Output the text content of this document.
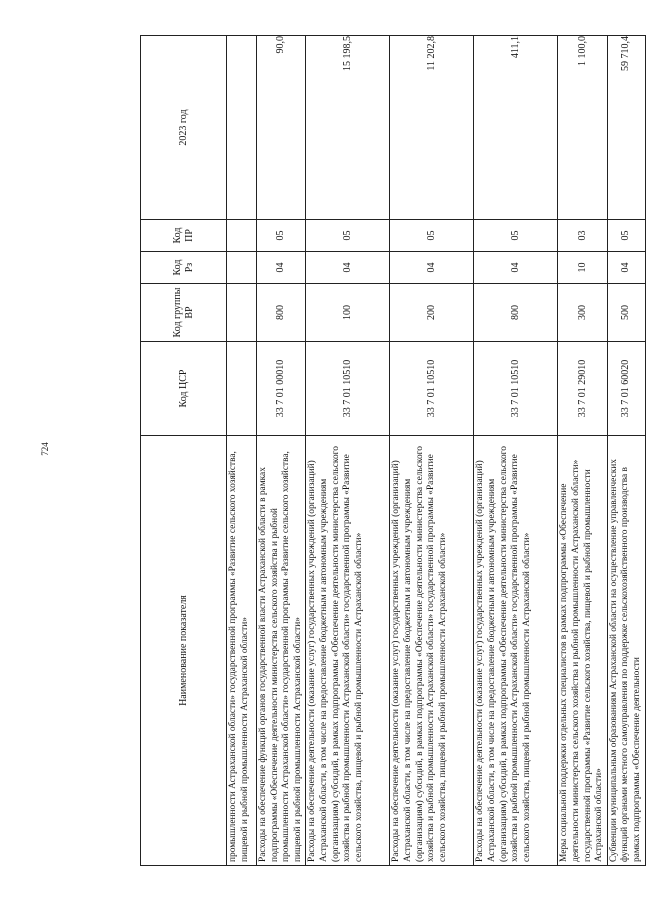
724
Наименование показателя	Код ЦСР	Код группы ВР	Код Рз	Код ПР	2023 год
промышленности Астраханской области» государственной программы «Развитие сельского хозяйства, пищевой и рыбной промышленности Астраханской области»					
Расходы на обеспечение функций органов государственной власти Астраханской области в рамках подпрограммы «Обеспечение деятельности министерства сельского хозяйства и рыбной промышленности Астраханской области» государственной программы «Развитие сельского хозяйства, пищевой и рыбной промышленности Астраханской области»	33 7 01 00010	800	04	05	90,0
Расходы на обеспечение деятельности (оказание услуг) государственных учреждений (организаций) Астраханской области, в том числе на предоставление бюджетным и автономным учреждениям (организациям) субсидий, в рамках подпрограммы «Обеспечение деятельности министерства сельского хозяйства и рыбной промышленности Астраханской области» государственной программы «Развитие сельского хозяйства, пищевой и рыбной промышленности Астраханской области»	33 7 01 10510	100	04	05	15 198,5
Расходы на обеспечение деятельности (оказание услуг) государственных учреждений (организаций) Астраханской области, в том числе на предоставление бюджетным и автономным учреждениям (организациям) субсидий, в рамках подпрограммы «Обеспечение деятельности министерства сельского хозяйства и рыбной промышленности Астраханской области» государственной программы «Развитие сельского хозяйства, пищевой и рыбной промышленности Астраханской области»	33 7 01 10510	200	04	05	11 202,8
Расходы на обеспечение деятельности (оказание услуг) государственных учреждений (организаций) Астраханской области, в том числе на предоставление бюджетным и автономным учреждениям (организациям) субсидий, в рамках подпрограммы «Обеспечение деятельности министерства сельского хозяйства и рыбной промышленности Астраханской области» государственной программы «Развитие сельского хозяйства, пищевой и рыбной промышленности Астраханской области»	33 7 01 10510	800	04	05	411,1
Меры социальной поддержки отдельных специалистов в рамках подпрограммы «Обеспечение деятельности министерства сельского хозяйства и рыбной промышленности Астраханской области» государственной программы «Развитие сельского хозяйства, пищевой и рыбной промышленности Астраханской области»	33 7 01 29010	300	10	03	1 100,0
Субвенции муниципальным образованиям Астраханской области на осуществление управленческих функций органами местного самоуправления по поддержке сельскохозяйственного производства в рамках подпрограммы «Обеспечение деятельности	33 7 01 60020	500	04	05	59 710,4
